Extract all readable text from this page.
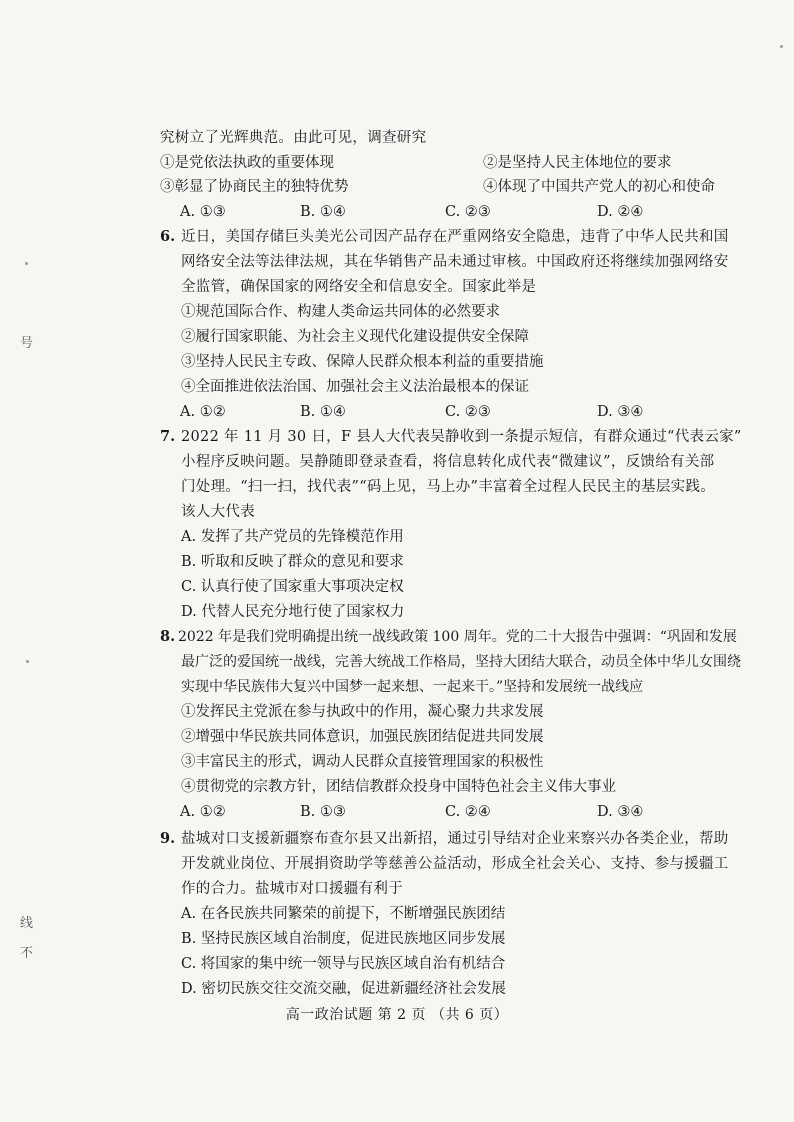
号
线
不
究树立了光辉典范。由此可见，调查研究
①是党依法执政的重要体现	②是坚持人民主体地位的要求
③彰显了协商民主的独特优势	④体现了中国共产党人的初心和使命
A. ①③	B. ①④	C. ②③	D. ②④
6. 近日，美国存储巨头美光公司因产品存在严重网络安全隐患，违背了中华人民共和国
网络安全法等法律法规，其在华销售产品未通过审核。中国政府还将继续加强网络安
全监管，确保国家的网络安全和信息安全。国家此举是
①规范国际合作、构建人类命运共同体的必然要求
②履行国家职能、为社会主义现代化建设提供安全保障
③坚持人民民主专政、保障人民群众根本利益的重要措施
④全面推进依法治国、加强社会主义法治最根本的保证
A. ①②	B. ①④	C. ②③	D. ③④
7. 2022 年 11 月 30 日，F 县人大代表吴静收到一条提示短信，有群众通过“代表云家”
小程序反映问题。吴静随即登录查看，将信息转化成代表“微建议”，反馈给有关部
门处理。“扫一扫，找代表”“码上见，马上办”丰富着全过程人民民主的基层实践。
该人大代表
A. 发挥了共产党员的先锋模范作用
B. 听取和反映了群众的意见和要求
C. 认真行使了国家重大事项决定权
D. 代替人民充分地行使了国家权力
8. 2022 年是我们党明确提出统一战线政策 100 周年。党的二十大报告中强调：“巩固和发展
最广泛的爱国统一战线，完善大统战工作格局，坚持大团结大联合，动员全体中华儿女围绕
实现中华民族伟大复兴中国梦一起来想、一起来干。”坚持和发展统一战线应
①发挥民主党派在参与执政中的作用，凝心聚力共求发展
②增强中华民族共同体意识，加强民族团结促进共同发展
③丰富民主的形式，调动人民群众直接管理国家的积极性
④贯彻党的宗教方针，团结信教群众投身中国特色社会主义伟大事业
A. ①②	B. ①③	C. ②④	D. ③④
9. 盐城对口支援新疆察布查尔县又出新招，通过引导结对企业来察兴办各类企业，帮助
开发就业岗位、开展捐资助学等慈善公益活动，形成全社会关心、支持、参与援疆工
作的合力。盐城市对口援疆有利于
A. 在各民族共同繁荣的前提下，不断增强民族团结
B. 坚持民族区域自治制度，促进民族地区同步发展
C. 将国家的集中统一领导与民族区域自治有机结合
D. 密切民族交往交流交融，促进新疆经济社会发展
高一政治试题 第 2 页 （共 6 页）
